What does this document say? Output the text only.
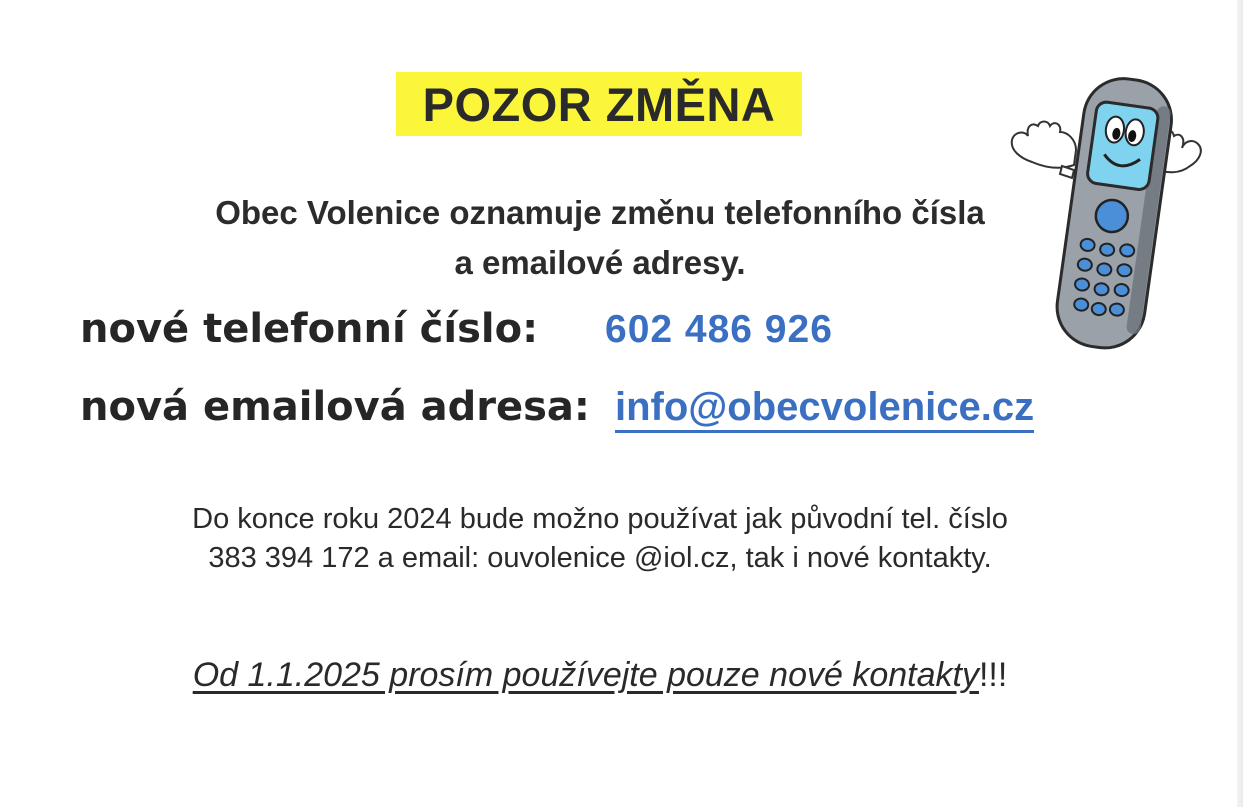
POZOR ZMĚNA
Obec Volenice oznamuje změnu telefonního čísla
a emailové adresy.
nové telefonní číslo: 602 486 926
nová emailová adresa: info@obecvolenice.cz
Do konce roku 2024 bude možno používat jak původní tel. číslo
383 394 172 a email: ouvolenice @iol.cz, tak i nové kontakty.
Od 1.1.2025 prosím používejte pouze nové kontakty!!!
